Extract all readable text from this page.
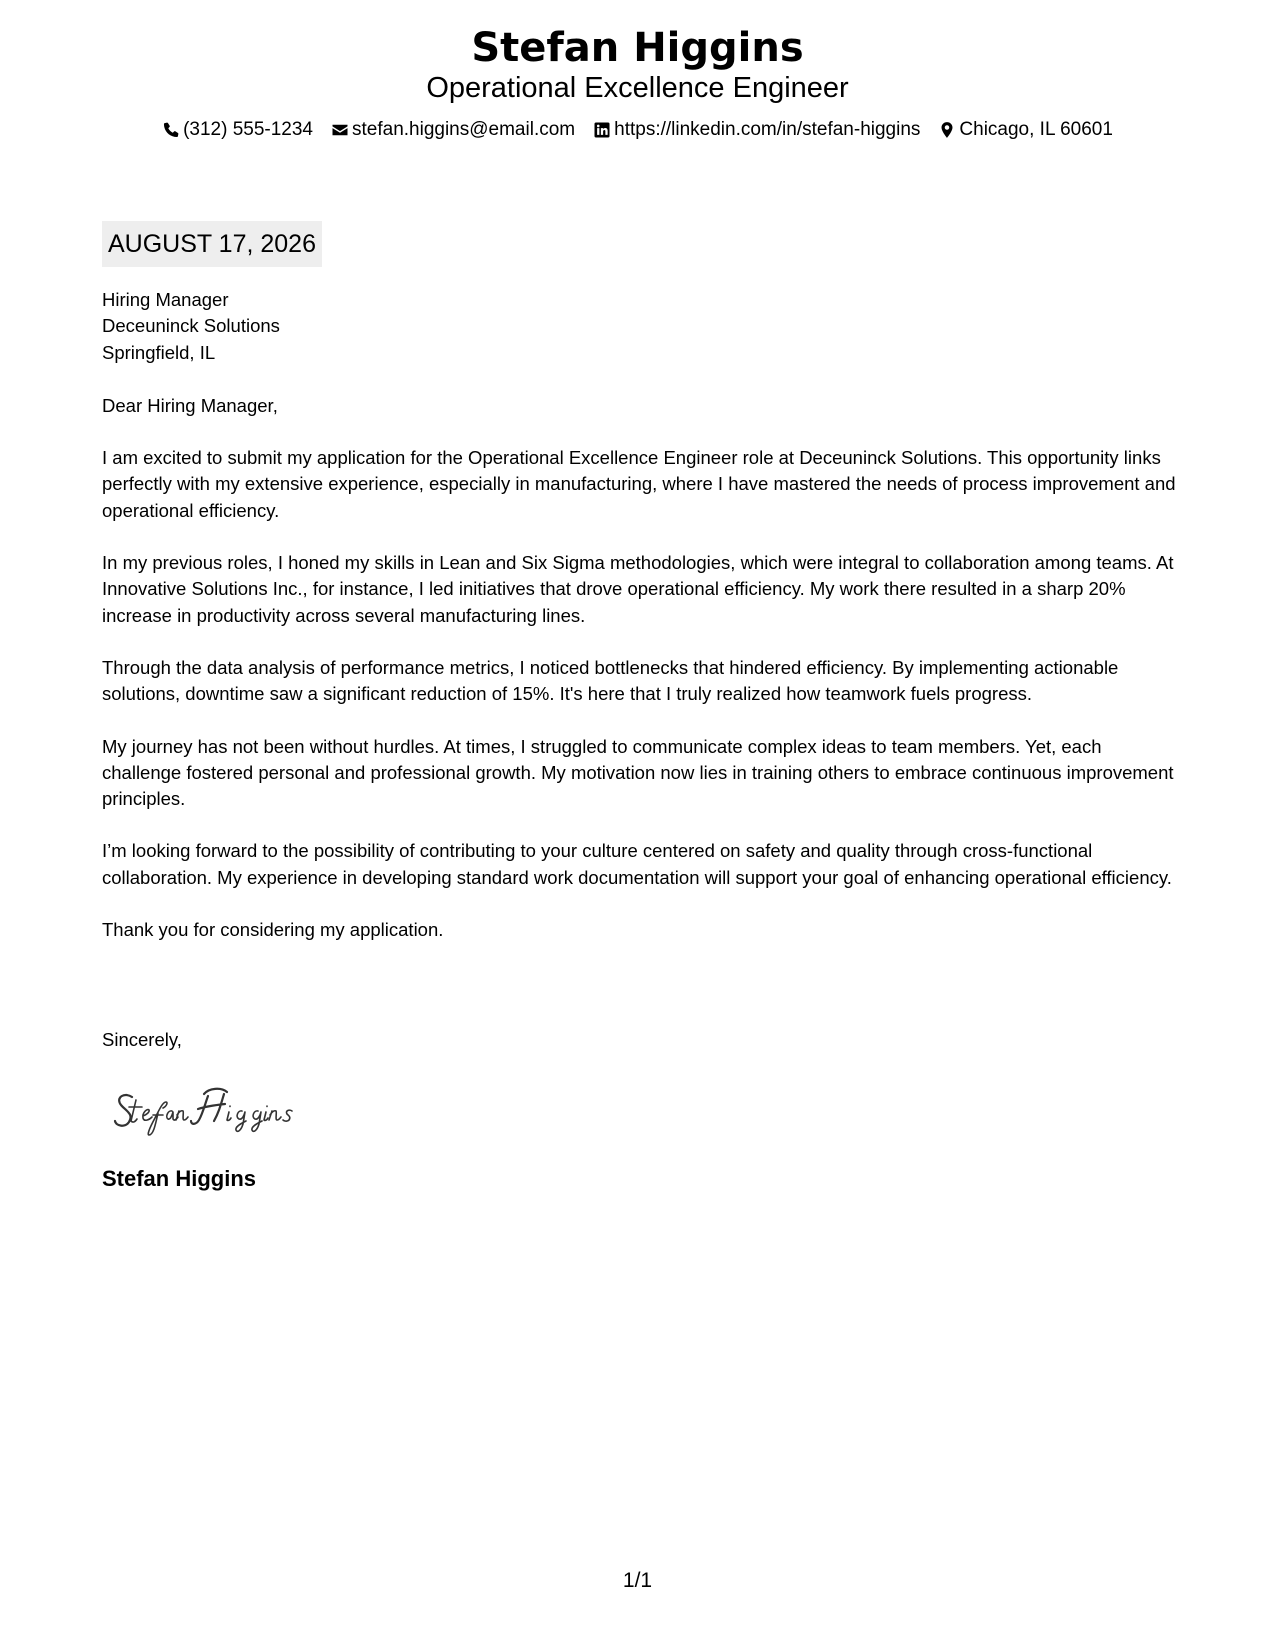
Stefan Higgins
Operational Excellence Engineer
(312) 555-1234 stefan.higgins@email.com https://linkedin.com/in/stefan-higgins Chicago, IL 60601
AUGUST 17, 2026
Hiring Manager
Deceuninck Solutions
Springfield, IL

Dear Hiring Manager,

I am excited to submit my application for the Operational Excellence Engineer role at Deceuninck Solutions. This opportunity links perfectly with my extensive experience, especially in manufacturing, where I have mastered the needs of process improvement and operational efficiency.

In my previous roles, I honed my skills in Lean and Six Sigma methodologies, which were integral to collaboration among teams. At Innovative Solutions Inc., for instance, I led initiatives that drove operational efficiency. My work there resulted in a sharp 20% increase in productivity across several manufacturing lines.

Through the data analysis of performance metrics, I noticed bottlenecks that hindered efficiency. By implementing actionable solutions, downtime saw a significant reduction of 15%. It's here that I truly realized how teamwork fuels progress.

My journey has not been without hurdles. At times, I struggled to communicate complex ideas to team members. Yet, each challenge fostered personal and professional growth. My motivation now lies in training others to embrace continuous improvement principles.

I’m looking forward to the possibility of contributing to your culture centered on safety and quality through cross-functional collaboration. My experience in developing standard work documentation will support your goal of enhancing operational efficiency.

Thank you for considering my application.

Sincerely,
Stefan Higgins
1/1
